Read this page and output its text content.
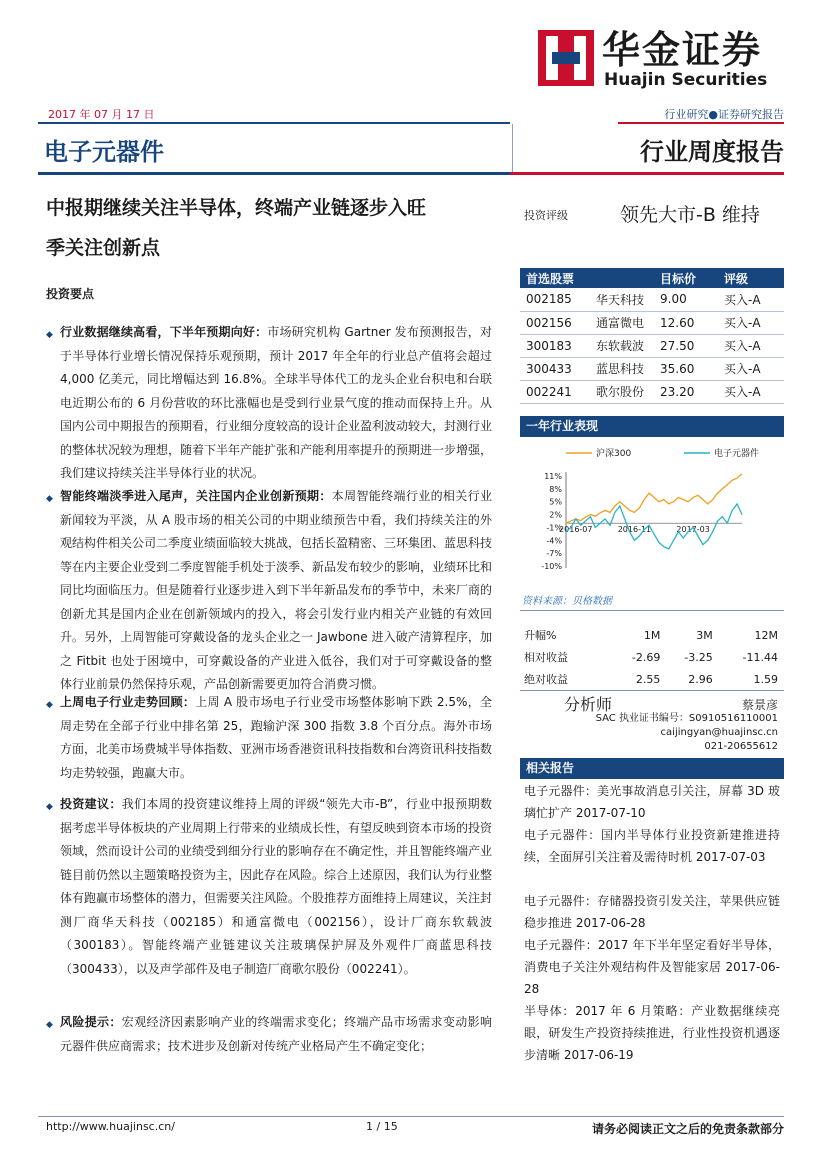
华金证券
Huajin Securities
2017 年 07 月 17 日	行业研究●证券研究报告
电子元器件	行业周度报告
中报期继续关注半导体，终端产业链逐步入旺
季关注创新点
投资要点
◆ 行业数据继续高看，下半年预期向好：市场研究机构 Gartner 发布预测报告，对于半导体行业增长情况保持乐观预期，预计 2017 年全年的行业总产值将会超过 4,000 亿美元，同比增幅达到 16.8%。全球半导体代工的龙头企业台积电和台联电近期公布的 6 月份营收的环比涨幅也是受到行业景气度的推动而保持上升。从国内公司中期报告的预期看，行业细分度较高的设计企业盈利波动较大，封测行业的整体状况较为理想，随着下半年产能扩张和产能利用率提升的预期进一步增强，我们建议持续关注半导体行业的状况。
◆ 智能终端淡季进入尾声，关注国内企业创新预期：本周智能终端行业的相关行业新闻较为平淡，从 A 股市场的相关公司的中期业绩预告中看，我们持续关注的外观结构件相关公司二季度业绩面临较大挑战，包括长盈精密、三环集团、蓝思科技等在内主要企业受到二季度智能手机处于淡季、新品发布较少的影响，业绩环比和同比均面临压力。但是随着行业逐步进入到下半年新品发布的季节中，未来厂商的创新尤其是国内企业在创新领域内的投入，将会引发行业内相关产业链的有效回升。另外，上周智能可穿戴设备的龙头企业之一 Jawbone 进入破产清算程序，加之 Fitbit 也处于困境中，可穿戴设备的产业进入低谷，我们对于可穿戴设备的整体行业前景仍然保持乐观，产品创新需要更加符合消费习惯。
◆ 上周电子行业走势回顾：上周 A 股市场电子行业受市场整体影响下跌 2.5%，全周走势在全部子行业中排名第 25，跑输沪深 300 指数 3.8 个百分点。海外市场方面，北美市场费城半导体指数、亚洲市场香港资讯科技指数和台湾资讯科技指数均走势较强，跑赢大市。
◆ 投资建议：我们本周的投资建议维持上周的评级“领先大市-B”，行业中报预期数据考虑半导体板块的产业周期上行带来的业绩成长性，有望反映到资本市场的投资领域，然而设计公司的业绩受到细分行业的影响存在不确定性，并且智能终端产业链目前仍然以主题策略投资为主，因此存在风险。综合上述原因，我们认为行业整体有跑赢市场整体的潜力，但需要关注风险。个股推荐方面维持上周建议，关注封测厂商华天科技（002185）和通富微电（002156），设计厂商东软载波（300183）。智能终端产业链建议关注玻璃保护屏及外观件厂商蓝思科技（300433），以及声学部件及电子制造厂商歌尔股份（002241）。
◆ 风险提示：宏观经济因素影响产业的终端需求变化；终端产品市场需求变动影响元器件供应商需求；技术进步及创新对传统产业格局产生不确定变化；
投资评级	领先大市-B 维持
首选股票		目标价	评级
002185	华天科技	9.00	买入-A
002156	通富微电	12.60	买入-A
300183	东软载波	27.50	买入-A
300433	蓝思科技	35.60	买入-A
002241	歌尔股份	23.20	买入-A
一年行业表现
沪深300	电子元器件
11%
8%
5%
2%
-1%
-4%
-7%
-10%
2016-07	2016-11	2017-03
资料来源：贝格数据
升幅%	1M	3M	12M
相对收益	-2.69	-3.25	-11.44
绝对收益	2.55	2.96	1.59
分析师	蔡景彦
SAC 执业证书编号：S0910516110001
caijingyan@huajinsc.cn
021-20655612
相关报告
电子元器件：美光事故消息引关注，屏幕 3D 玻璃忙扩产 2017-07-10
电子元器件：国内半导体行业投资新建推进持续，全面屏引关注着及需待时机 2017-07-03
电子元器件：存储器投资引发关注，苹果供应链稳步推进 2017-06-28
电子元器件：2017 年下半年坚定看好半导体，消费电子关注外观结构件及智能家居 2017-06-28
半导体：2017 年 6 月策略：产业数据继续亮眼，研发生产投资持续推进，行业性投资机遇逐步清晰 2017-06-19
http://www.huajinsc.cn/	1 / 15	请务必阅读正文之后的免责条款部分
